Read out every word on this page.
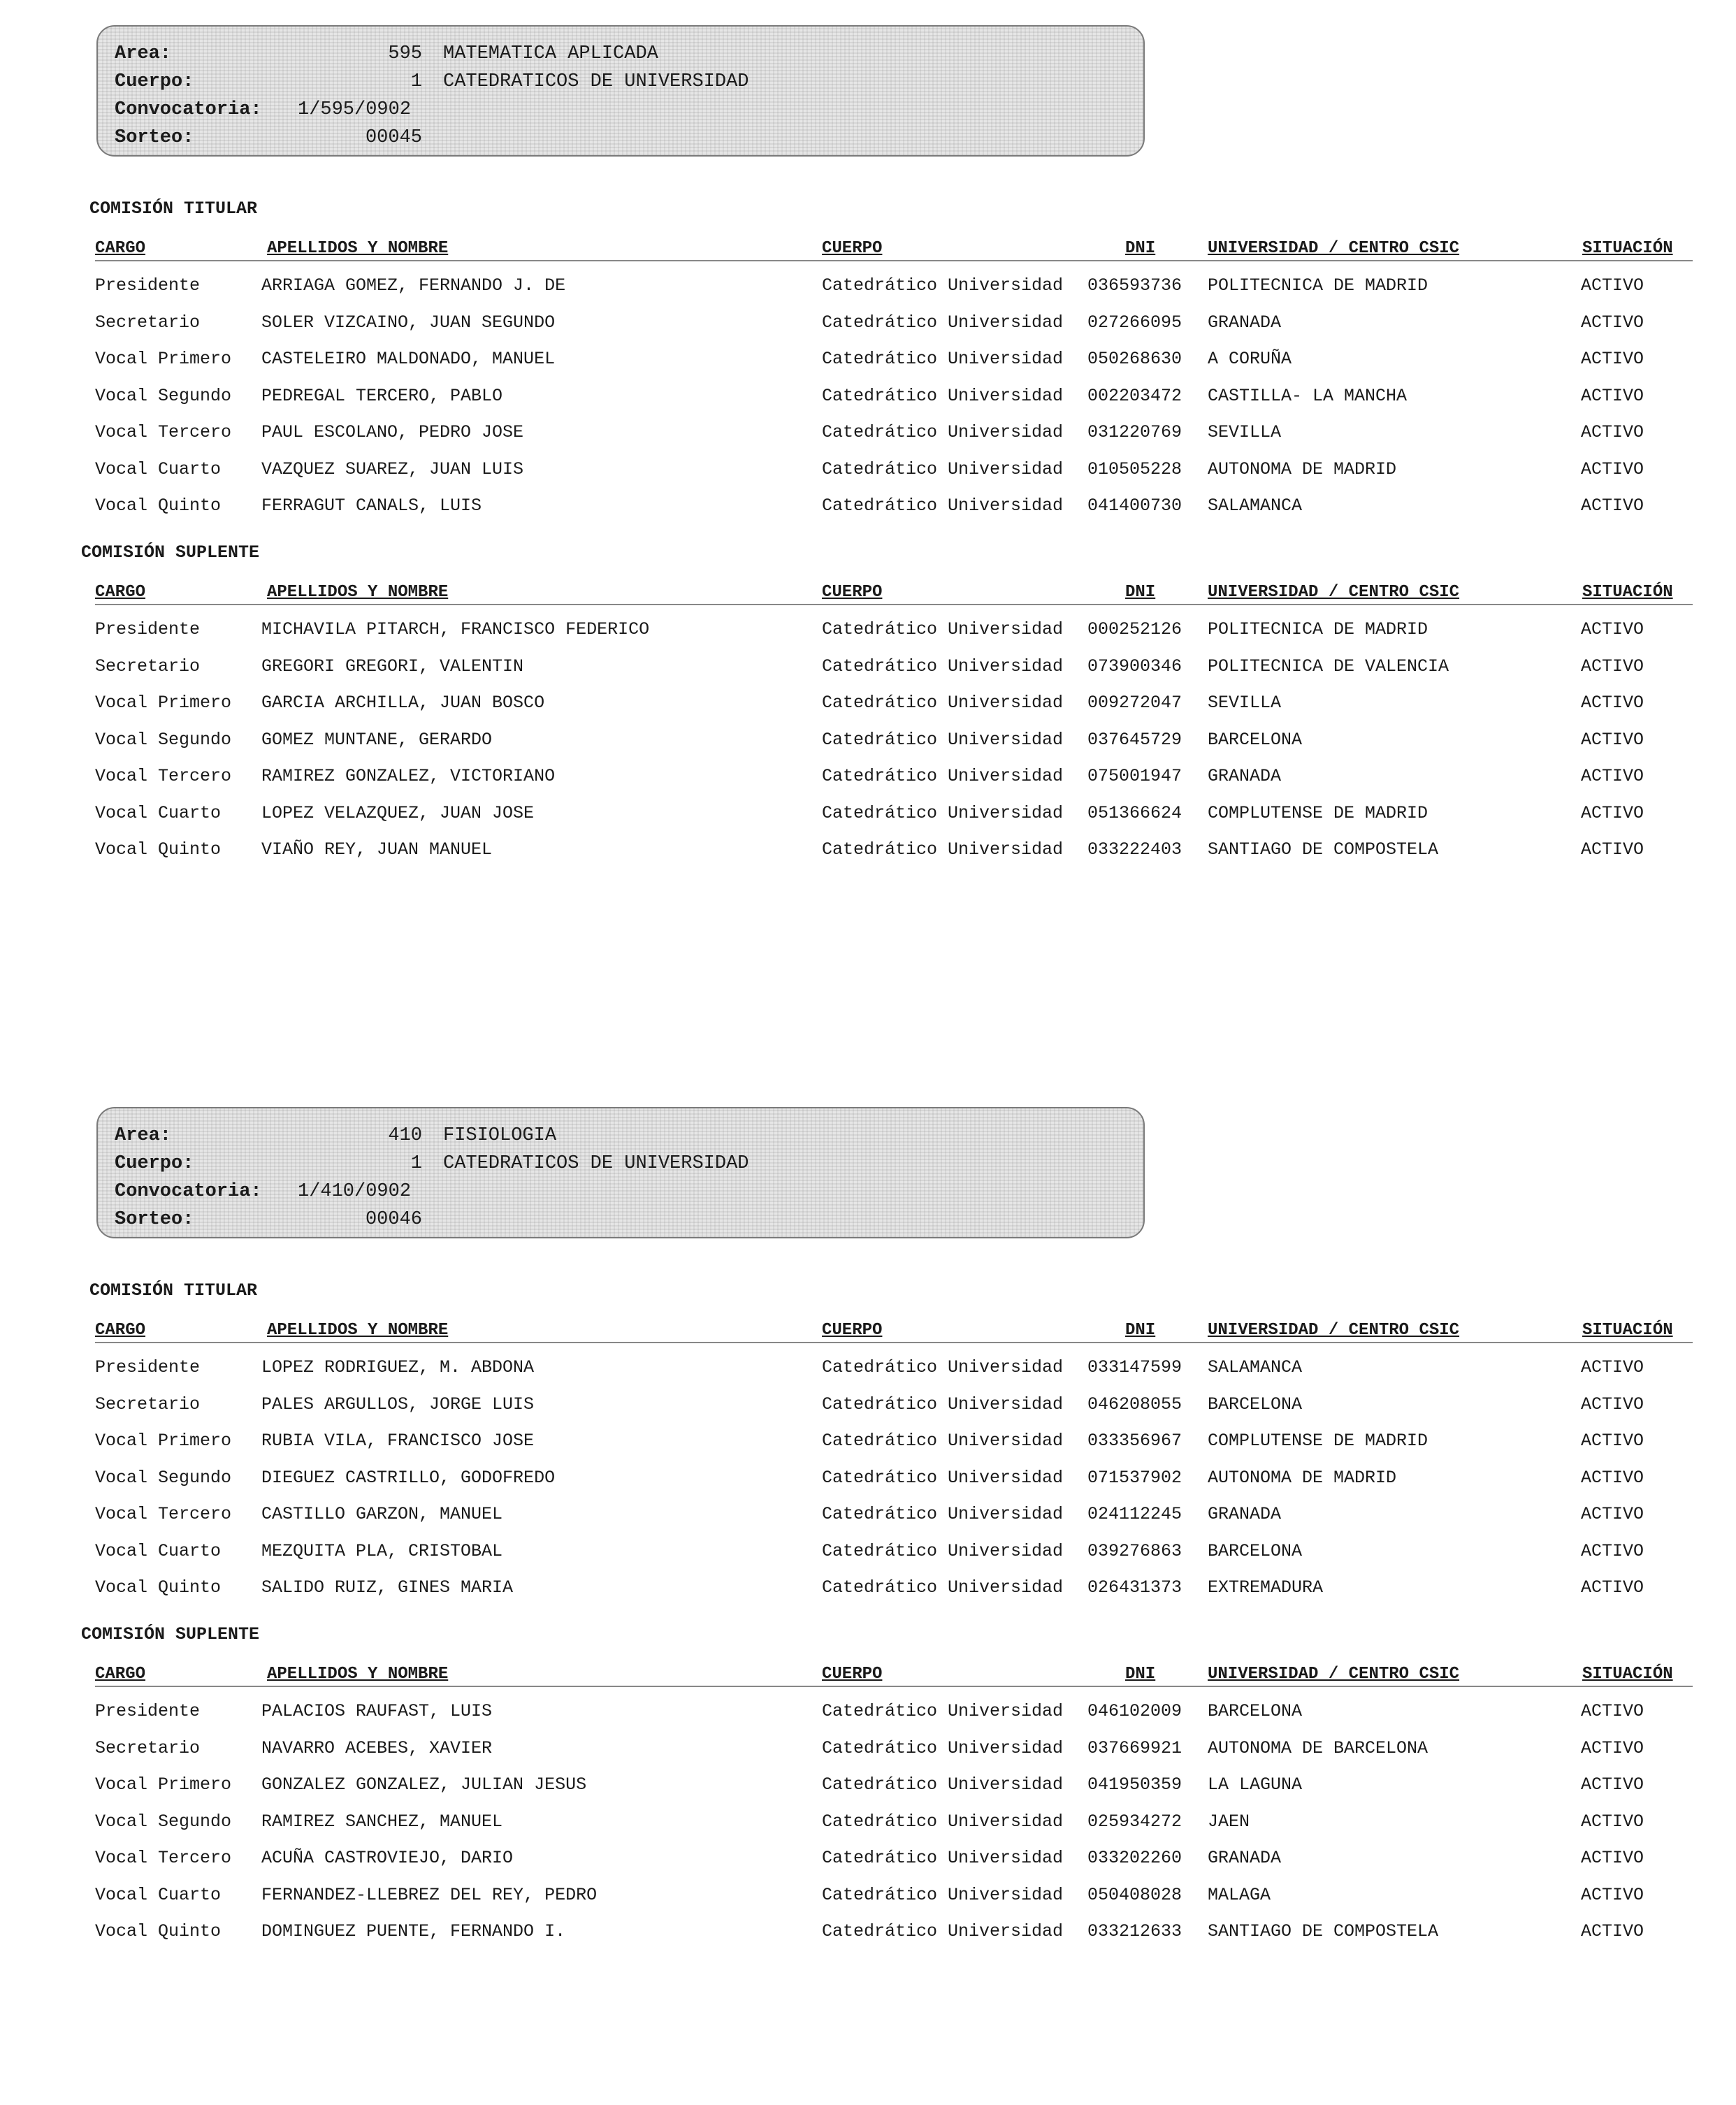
Area:	595 MATEMATICA APLICADA
Cuerpo:	1 CATEDRATICOS DE UNIVERSIDAD
Convocatoria: 1/595/0902
Sorteo:	00045
COMISIÓN TITULAR
COMISIÓN SUPLENTE
CARGO	APELLIDOS Y NOMBRE	CUERPO	DNI	UNIVERSIDAD / CENTRO CSIC	SITUACIÓN
Presidente	ARRIAGA GOMEZ, FERNANDO J. DE	Catedrático Universidad 036593736 POLITECNICA DE MADRID	ACTIVO
Secretario	SOLER VIZCAINO, JUAN SEGUNDO	Catedrático Universidad 027266095 GRANADA	ACTIVO
Vocal Primero CASTELEIRO MALDONADO, MANUEL	Catedrático Universidad 050268630 A CORUÑA	ACTIVO
Vocal Segundo PEDREGAL TERCERO, PABLO	Catedrático Universidad 002203472 CASTILLA- LA MANCHA	ACTIVO
Vocal Tercero PAUL ESCOLANO, PEDRO JOSE	Catedrático Universidad 031220769 SEVILLA	ACTIVO
Vocal Cuarto VAZQUEZ SUAREZ, JUAN LUIS	Catedrático Universidad 010505228 AUTONOMA DE MADRID	ACTIVO
Vocal Quinto FERRAGUT CANALS, LUIS	Catedrático Universidad 041400730 SALAMANCA	ACTIVO
CARGO	APELLIDOS Y NOMBRE	CUERPO	DNI	UNIVERSIDAD / CENTRO CSIC	SITUACIÓN
Presidente	MICHAVILA PITARCH, FRANCISCO FEDERICO	Catedrático Universidad 000252126 POLITECNICA DE MADRID	ACTIVO
Secretario	GREGORI GREGORI, VALENTIN	Catedrático Universidad 073900346 POLITECNICA DE VALENCIA	ACTIVO
Vocal Primero GARCIA ARCHILLA, JUAN BOSCO	Catedrático Universidad 009272047 SEVILLA	ACTIVO
Vocal Segundo GOMEZ MUNTANE, GERARDO	Catedrático Universidad 037645729 BARCELONA	ACTIVO
Vocal Tercero RAMIREZ GONZALEZ, VICTORIANO	Catedrático Universidad 075001947 GRANADA	ACTIVO
Vocal Cuarto LOPEZ VELAZQUEZ, JUAN JOSE	Catedrático Universidad 051366624 COMPLUTENSE DE MADRID	ACTIVO
Vocal Quinto VIAÑO REY, JUAN MANUEL	Catedrático Universidad 033222403 SANTIAGO DE COMPOSTELA	ACTIVO
Area:	410 FISIOLOGIA
Cuerpo:	1 CATEDRATICOS DE UNIVERSIDAD
Convocatoria: 1/410/0902
Sorteo:	00046
COMISIÓN TITULAR
COMISIÓN SUPLENTE
CARGO	APELLIDOS Y NOMBRE	CUERPO	DNI	UNIVERSIDAD / CENTRO CSIC	SITUACIÓN
Presidente	LOPEZ RODRIGUEZ, M. ABDONA	Catedrático Universidad 033147599 SALAMANCA	ACTIVO
Secretario	PALES ARGULLOS, JORGE LUIS	Catedrático Universidad 046208055 BARCELONA	ACTIVO
Vocal Primero RUBIA VILA, FRANCISCO JOSE	Catedrático Universidad 033356967 COMPLUTENSE DE MADRID	ACTIVO
Vocal Segundo DIEGUEZ CASTRILLO, GODOFREDO	Catedrático Universidad 071537902 AUTONOMA DE MADRID	ACTIVO
Vocal Tercero CASTILLO GARZON, MANUEL	Catedrático Universidad 024112245 GRANADA	ACTIVO
Vocal Cuarto MEZQUITA PLA, CRISTOBAL	Catedrático Universidad 039276863 BARCELONA	ACTIVO
Vocal Quinto SALIDO RUIZ, GINES MARIA	Catedrático Universidad 026431373 EXTREMADURA	ACTIVO
CARGO	APELLIDOS Y NOMBRE	CUERPO	DNI	UNIVERSIDAD / CENTRO CSIC	SITUACIÓN
Presidente	PALACIOS RAUFAST, LUIS	Catedrático Universidad 046102009 BARCELONA	ACTIVO
Secretario	NAVARRO ACEBES, XAVIER	Catedrático Universidad 037669921 AUTONOMA DE BARCELONA	ACTIVO
Vocal Primero GONZALEZ GONZALEZ, JULIAN JESUS	Catedrático Universidad 041950359 LA LAGUNA	ACTIVO
Vocal Segundo RAMIREZ SANCHEZ, MANUEL	Catedrático Universidad 025934272 JAEN	ACTIVO
Vocal Tercero ACUÑA CASTROVIEJO, DARIO	Catedrático Universidad 033202260 GRANADA	ACTIVO
Vocal Cuarto FERNANDEZ-LLEBREZ DEL REY, PEDRO	Catedrático Universidad 050408028 MALAGA	ACTIVO
Vocal Quinto DOMINGUEZ PUENTE, FERNANDO I.	Catedrático Universidad 033212633 SANTIAGO DE COMPOSTELA	ACTIVO
